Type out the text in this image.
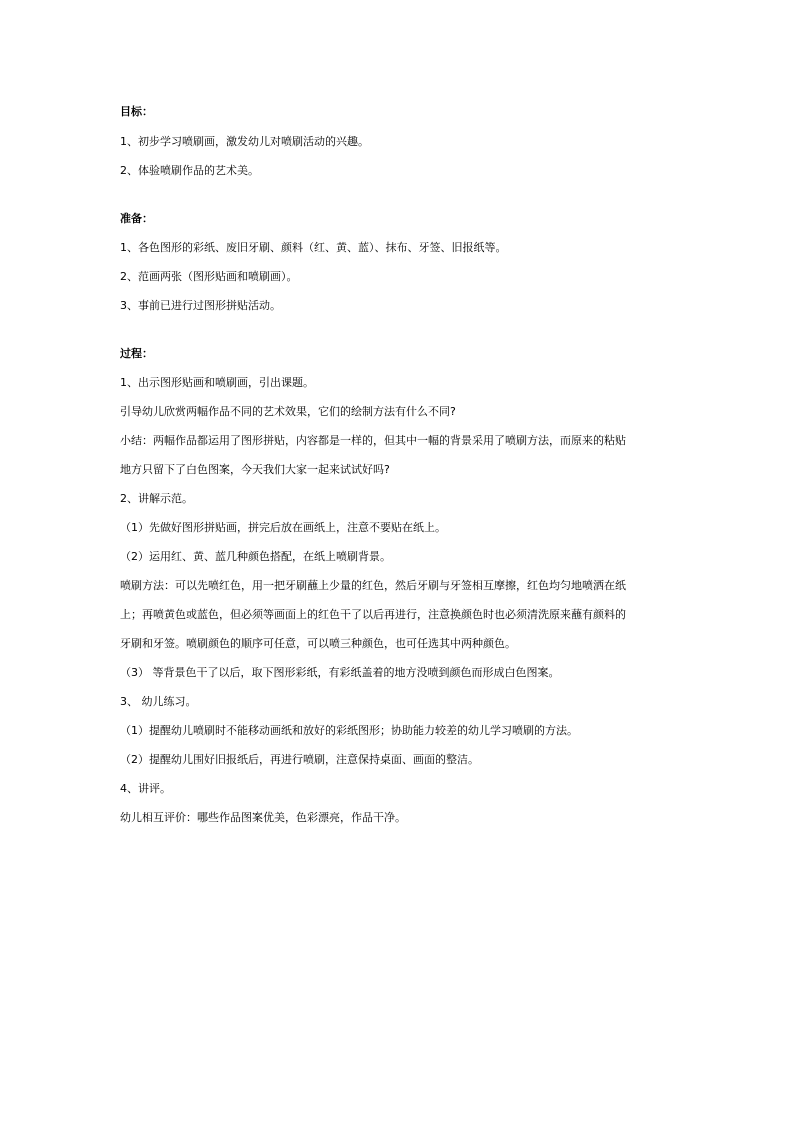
目标：
1、初步学习喷刷画，激发幼儿对喷刷活动的兴趣。
2、体验喷刷作品的艺术美。
准备：
1、各色图形的彩纸、废旧牙刷、颜料（红、黄、蓝）、抹布、牙签、旧报纸等。
2、范画两张（图形贴画和喷刷画）。
3、事前已进行过图形拼贴活动。
过程：
1、出示图形贴画和喷刷画，引出课题。
引导幼儿欣赏两幅作品不同的艺术效果，它们的绘制方法有什么不同?
小结：两幅作品都运用了图形拼贴，内容都是一样的，但其中一幅的背景采用了喷刷方法，而原来的粘贴
地方只留下了白色图案，今天我们大家一起来试试好吗?
2、讲解示范。
（1）先做好图形拼贴画，拼完后放在画纸上，注意不要贴在纸上。
（2）运用红、黄、蓝几种颜色搭配，在纸上喷刷背景。
喷刷方法：可以先喷红色，用一把牙刷蘸上少量的红色，然后牙刷与牙签相互摩擦，红色均匀地喷洒在纸
上；再喷黄色或蓝色，但必须等画面上的红色干了以后再进行，注意换颜色时也必须清洗原来蘸有颜料的
牙刷和牙签。喷刷颜色的顺序可任意，可以喷三种颜色，也可任选其中两种颜色。
（3） 等背景色干了以后，取下图形彩纸，有彩纸盖着的地方没喷到颜色而形成白色图案。
3、 幼儿练习。
（1）提醒幼儿喷刷时不能移动画纸和放好的彩纸图形；协助能力较差的幼儿学习喷刷的方法。
（2）提醒幼儿围好旧报纸后，再进行喷刷，注意保持桌面、画面的整洁。
4、讲评。
幼儿相互评价：哪些作品图案优美，色彩漂亮，作品干净。
